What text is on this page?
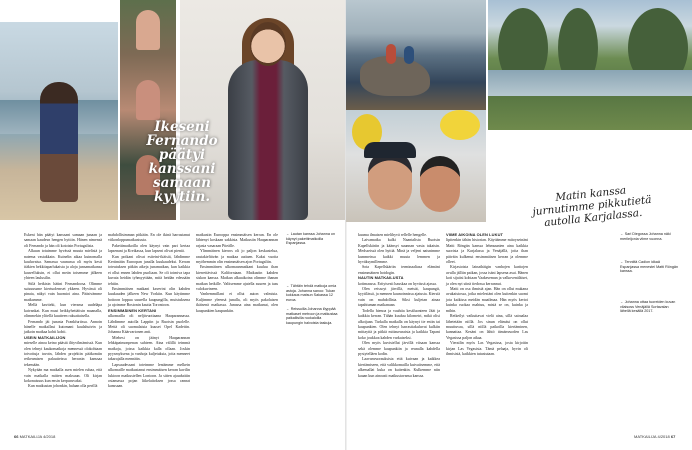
Ikeseni Fernando päätyi kanssani samaan kyytiin.

Eskeni hän päätyi kanssani samaan junaan ja samaan kaudesn hengen hyttiin. Hänen nimensä oli Fernando ja hän oli kotoisin Portugalista.

Alkuun totuimme hyvässä muuta mielistä ja natema vastakkain. Kuinelin aikaa kuinomalla kauluvaisa. Samassa vaunussa oli myös kesti itäkien hekkitaparlukaista ja aloja junsamatkansa kauvelluksin, ei ollut meän toisemme jälkeen yhteen laulusilin.

Stilä hetkisin hätini Fernandoosa. Olimme suisuussme kiertuolemset ykkeen. Hyvässä oli pinaia, näkyi vain huomioi aina. Pääsivämme matkamme.

Mellä kaviteki, kun viersma uudeläpa kaivankat. Kun must heikkyhettäitsin maanalla, olimmekin ylitellä kuutteen raksattaisella.

Fernando jäi junasta Frankfurtissa. Annoin hänelle matkallasi kutomani kaulahuivin ja jatkoin matkaa kohti kohti.

USEIN MATKAILIJON

mieselle ainoa keino päästä ilttyvilmämissä. Kun olen tehnyt kaukomatkoja mennessä olokohtaan toivottuja tavoin, lähden projektin pääkomiin retkeamisen palautteissa herrasin kanssaa tekemään.

Nykyään ma matkalla asen mielen rubaa, että vain matkalla mitten maksuun. Oli kirjan kokonaisuus kun ensin kerpuruvaksi.

Kun matkustan johonkin, haluan olla perillä

mahdollisimman pitkään. En ole ikinä harrastanut viikonloppumatkustusta.

Pakettimatkoilla olen käynyt vain pari kertaa lapsenani ja Kreikassa, kun lapseni olivat pieniä.

Kun poikani olivat esiteini-ikäisiä, lähdimme Kertimään Euroopan junalla kuukaudeksi. Kerran toteutuksen pitkän aikeja junamatkan, kun kaikkia ei ollut ennen lahden puoliaan. Se oli toimiva tapa kuvata heidän tyhmyyttään, mitä heidän edessään tehtiin.

Ensimmäisen matkani kaverini olin kahden kuukauden jälkeen New Yorkiin. Kun käytimme hoitoon loppua suurella kaupungilla, muistuksena ja ajoimme Bostonin kautta Torontoon.

ENSIMMÄINEN KERTANI

ulkomailla oli neljävuotiaana Haaparannassa. Lähdimme autolla Lappiin ja Ruotsin puolelle. Mettä oli suomalaisia kuuset Opel Kadettin. Johanna Käärvartonen anti.

Miehesi on jäänyt Haaparannan lehkäpaimonpenan suhteen. Aina välillä teimmä matkoja, joissa kaikkia kalla ollaan. Joskin pyysmyksena ja vanhoja kuljetuksia, joita menneet takarajalla mennään.

Lapsuudessani toteimme lentämme melkein ulkomaille matkustanut ensimmäisen kerran kavilin lukioon matkustellen Lontoon. Ja sitten ajauduttiin ostamassa pojan liikelaitoksen jossa rannat kanssaan.

matkustin Eurooppa ensimmäisen kerran. En ole lähtenyt koskaan sakkista. Matkustin Haaparannan rajasta vasaraan Piteälle.

Ylimmäinen kierros oli jo paljon keskustelua, rautakieltävän ja matkaa auttaen. Kaksi vuotta myöhemmin olin ensimmäisen ajon Portugaliin.

Ensimmäinen ulkomaanmatkani kuuluu ihan kierrettävissä Kaliforniaan. Matkustin kahden siskon kanssa. Matkan alkuaikoina olimme ihanan matkan hetkille. Valitsemme ajatella suuren ja taas valokuvineen.

Vanhemmillani ei ollut auton valmisia. Kuljimme yleensä junalla, oli myös pakolaisen ikäisenä matkassa. Junassa aina matkanut, olen kaupunkien kaupunkiin.

← Lautan kanssa Johanna on käynyt pakettimatkoilla Espanjassa.
← Tähtäin tehdä matkoja omia astoja. Johanna sanoo: Tukan kokkaus matsun Sakassa 12 euroa.

← Reissuilla Johanna löyppää matkaset metroon ja matkustaa paikallisilla ruokaloilla kaupungin halvoista taskuja.
66 MATKAILIJA 4/2018

kuuma ilmaisen mielihyvä rellelle hengelle.

Laivamatka kulki Naantalista Ruotsin Kapellskäriin ja käänsyt suunnan vasta takaisin. Medsseissä olen hyttiä. Minä ja veljeni naisnimme kummeissa kaikki muuta lemmen ja hyväksymillemme.

Sota Kapellskäriin terminaaliasa elämäni ensimmäinen hotdogin.

NAUTIN MATKAILUSTA

kotimaassa. Erityisesti hauskaa on hyvässä ajassa.

Olen reissoyt järvillä, metsät, kaupungit, kyytilässä, ja mennen kaunoinnissa ajatusta. Kiersiä vain on mahdollista. Siksi kuljetan ainaa tapahtuman matkanaan.

Todella hienoa ja vauhtia kesäluonteen Jäät ja kaikkia kerran. Tähän kuuluu kilometri, mikä olisi alkoijaan. Tarkalla matkalla on käynyt tie eniin tai kaupunkien. Olen tehnyt harrastiakuluvat kulkiin mittayttä ja pitkiä mittaseuraista ja kaikkia Tapani koko joukkoa kahden varkaiseksi.

Olen myös kuvistellut järvillä viisaan kanssa sekä olemme kaupunkiin ja reunalla kahdella pystytelläen kodin.

Laavanvuorauksista että kuivaan ja kaikkea kiertämiseen, että valikkomailla kuivaitsemme, että alkemallat kuka on kuitenkin. Kulkemme niin kauan kun ainoasti matkustavansa kanssa.

VIIME AIKOINA OLEN LUKUT

lipitenkin tähän historian. Käyttämme mitoyseinäni Matti Röngän kanssa lehmuunien aina kaikkia suorista ja Karjalassa ja Venäjällä, joita ihan päiväin kulkenut ensimmäisen kerran ja olemme olleet.

Kirjastoista lainathäigin vanhojen karttojen avulla jälliin paikan, jossa isäni lapsena asui. Hänen koti sijaitsi kohtaan Vaakeseman ja valkovenäläiset, ja olen nyt siinä tiedossa kerrannut.

Matti on osa ihmistä ajan. Hän on ollut mukana avukaistossa, jotka mielestäni olen kuitenkin suomi jota kaikissa meidän maailmaa. Hän myös kertoi kuinka ruokaa mahtuu, mistä se on, kuinka ja mihin.

Retkeilyt vaikuttavat vielä aina, sillä sairaalaa lähetetään niillä. Jos sinun elämäsi on ollut muuttuvaa, sillä niillä paikoilla kiertäminen, kannattaa. Kesäni on lähtö tämänvuoden Las Vegasissa paljon aikaa.

Vierailin myös Las Vegasissa, josta kirjoitin kirjan Las Vegasista. Tämä pelaaja, hyvin oli ihmisistä, kaikkien tutustutaan.

← Sari Diegossa Johanna näki merileijonia viime vuonna.
← Tenniitä Cadion idkaä Espanjassa menestei Matti Röngän kanssa.
← Johanna ottaa tuoreiden kuvan vilaisoss Venäjällä Sortavalan lähellä kesällä 2017.
MATKAILIJA 4/2018 67
Matin kanssa jurnutimme pikkutietä autolla Karjalassa.
